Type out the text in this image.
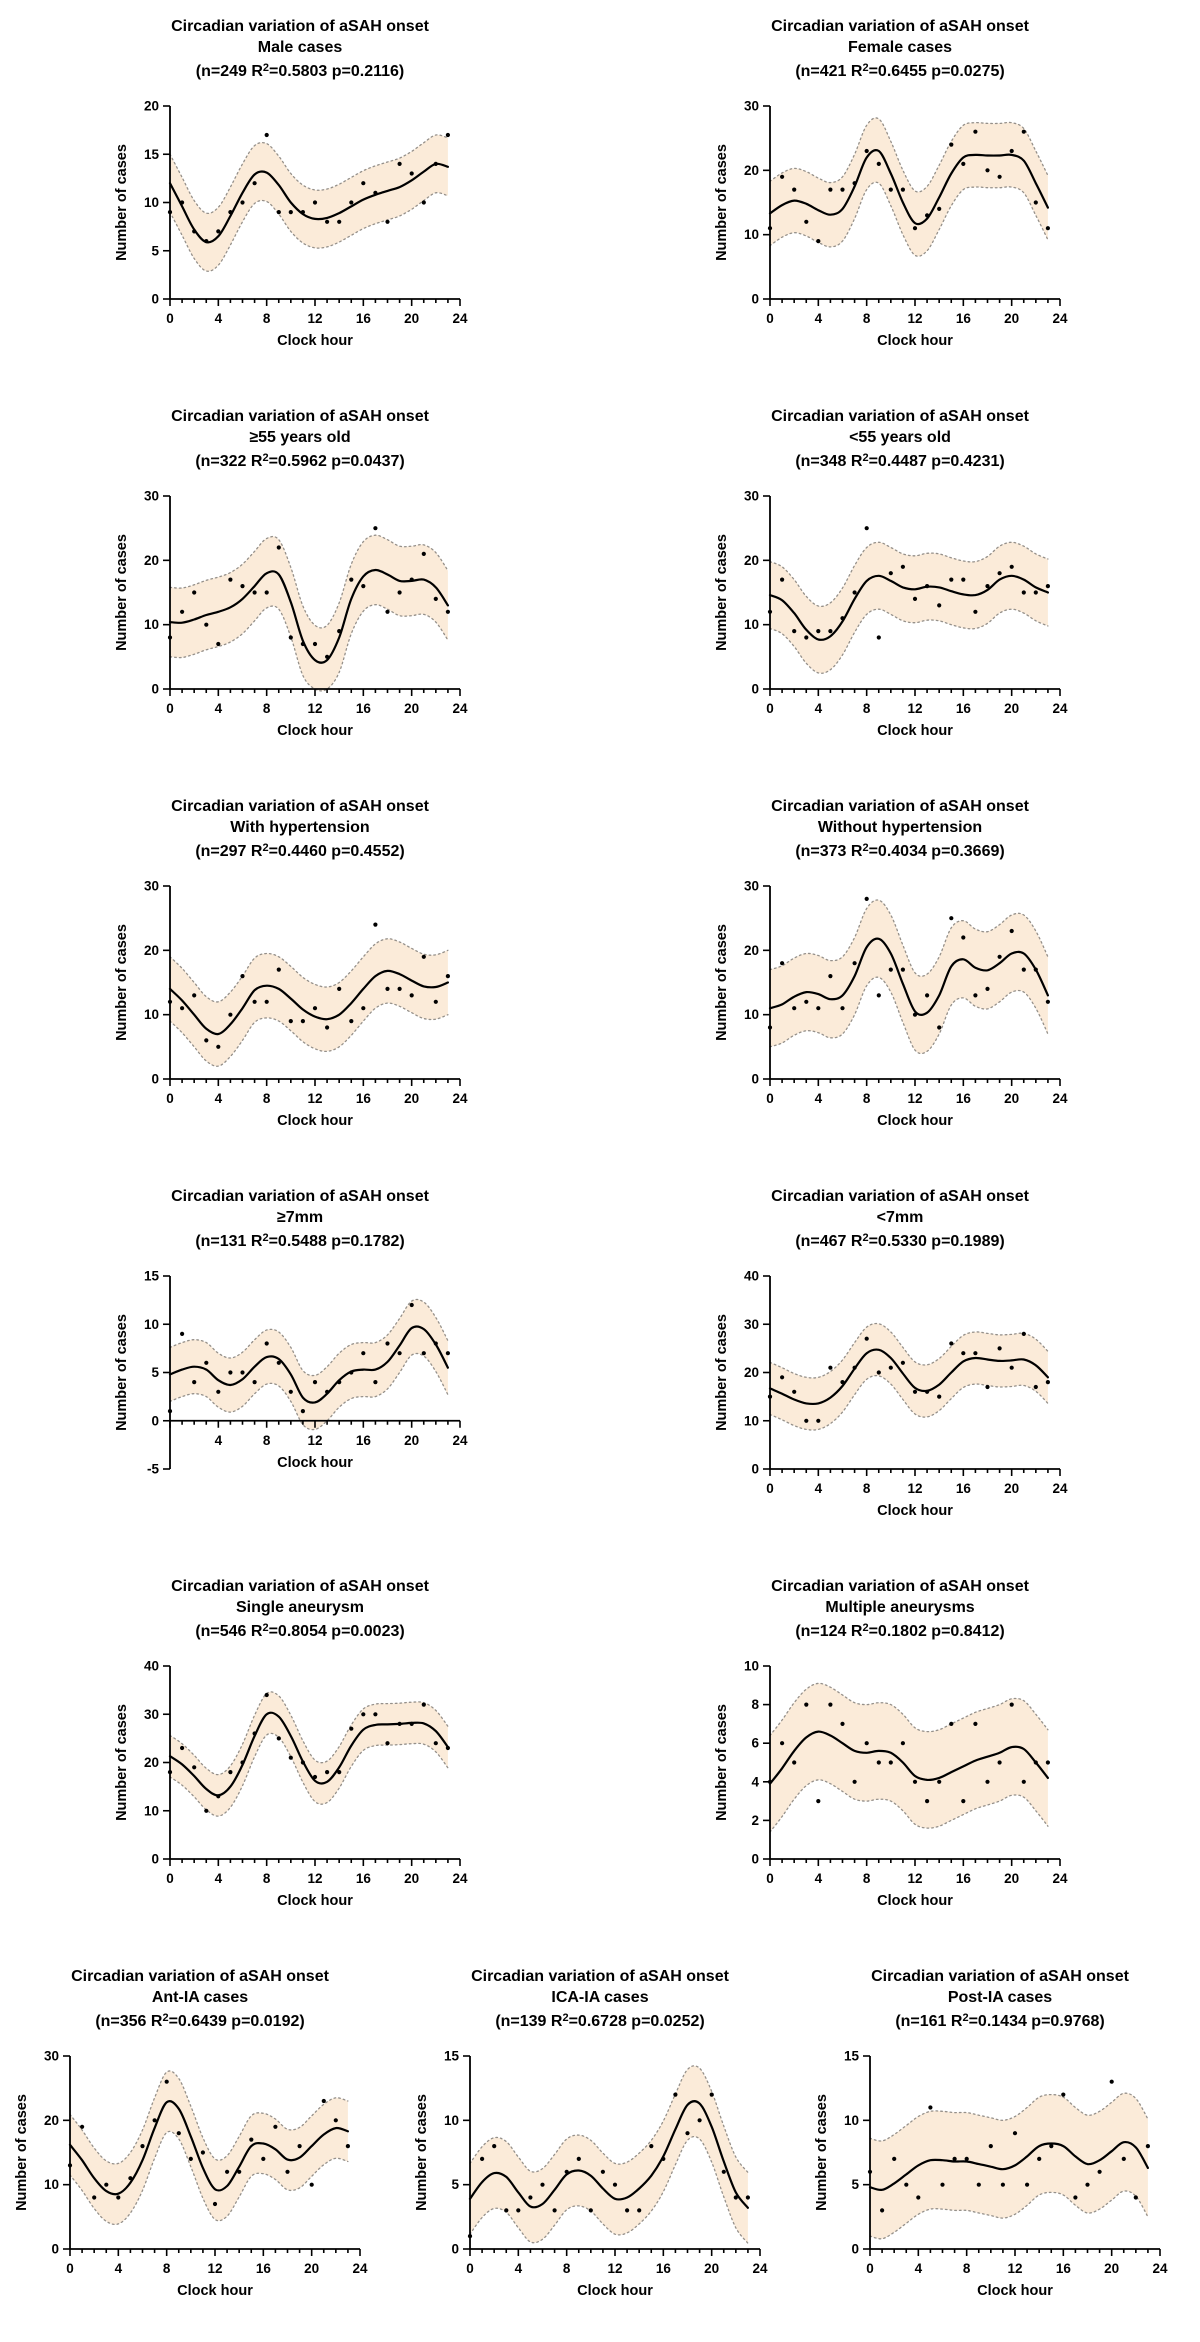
Circadian variation of aSAH onset
Male cases
(n=249 $R^2=0.5803$ p=0.2116)
0	4	8	12 16 20 24
0
5
10
15
20
Number of cases
Clock hour
Circadian variation of aSAH onset
Female cases
(n=421 $R^2=0.6455$ p=0.0275)
0	4	8	12 16 20 24
0
10
20
30
Number of cases
Clock hour
Circadian variation of aSAH onset
≥55 years old
(n=322 $R^2=0.5962$ p=0.0437)
0	4	8	12 16 20 24
0
10
20
30
Number of cases
Clock hour
Circadian variation of aSAH onset
<55 years old
(n=348 $R^2=0.4487$ p=0.4231)
0	4	8	12 16 20 24
0
10
20
30
Number of cases
Clock hour
Circadian variation of aSAH onset
With hypertension
(n=297 $R^2=0.4460$ p=0.4552)
0	4	8	12 16 20 24
0
10
20
30
Number of cases
Clock hour
Circadian variation of aSAH onset
Without hypertension
(n=373 $R^2=0.4034$ p=0.3669)
0	4	8	12 16 20 24
0
10
20
30
Number of cases
Clock hour
Circadian variation of aSAH onset
≥7mm
(n=131 $R^2=0.5488$ p=0.1782)
4	8	12 16 20 24
-5
0
5
10
15
Number of cases
Clock hour
Circadian variation of aSAH onset
<7mm
(n=467 $R^2=0.5330$ p=0.1989)
0	4	8	12 16 20 24
0
10
20
30
40
Number of cases
Clock hour
Circadian variation of aSAH onset
Single aneurysm
(n=546 $R^2=0.8054$ p=0.0023)
0	4	8	12 16 20 24
0
10
20
30
40
Number of cases
Clock hour
Circadian variation of aSAH onset
Multiple aneurysms
(n=124 $R^2=0.1802$ p=0.8412)
0	4	8	12 16 20 24
0
2
4
6
8
10
Number of cases
Clock hour
Circadian variation of aSAH onset
Ant-IA cases
(n=356 $R^2=0.6439$ p=0.0192)
0	4	8	12 16 20 24
0
10
20
30
Number of cases
Clock hour
Circadian variation of aSAH onset
ICA-IA cases
(n=139 $R^2=0.6728$ p=0.0252)
0	4	8	12 16 20 24
0
5
10
15
Number of cases
Clock hour
Circadian variation of aSAH onset
Post-IA cases
(n=161 $R^2=0.1434$ p=0.9768)
0	4	8	12 16 20 24
0
5
10
15
Number of cases
Clock hour
